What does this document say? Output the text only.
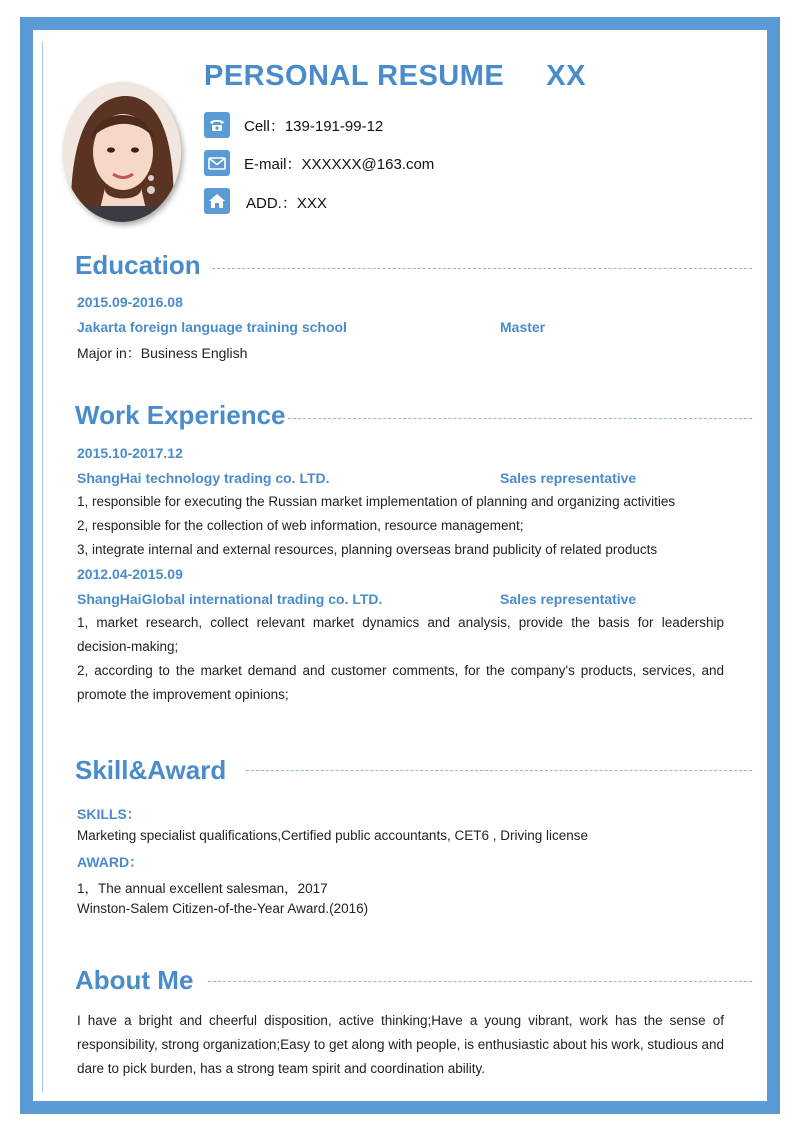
PERSONAL RESUME XX
Cell：139-191-99-12
E-mail：XXXXXX@163.com
ADD.：XXX
Education
2015.09-2016.08
Jakarta foreign language training school	Master
Major in：Business English
Work Experience
2015.10-2017.12
ShangHai technology trading co. LTD.	Sales representative
1, responsible for executing the Russian market implementation of planning and organizing activities
2, responsible for the collection of web information, resource management;
3, integrate internal and external resources, planning overseas brand publicity of related products
2012.04-2015.09
ShangHaiGlobal international trading co. LTD.	Sales representative
1, market research, collect relevant market dynamics and analysis, provide the basis for leadership decision-making;
2, according to the market demand and customer comments, for the company's products, services, and promote the improvement opinions;
Skill&Award
SKILLS：
Marketing specialist qualifications,Certified public accountants, CET6 , Driving license
AWARD：
1，The annual excellent salesman，2017
Winston-Salem Citizen-of-the-Year Award.(2016)
About Me
I have a bright and cheerful disposition, active thinking;Have a young vibrant, work has the sense of responsibility, strong organization;Easy to get along with people, is enthusiastic about his work, studious and dare to pick burden, has a strong team spirit and coordination ability.
